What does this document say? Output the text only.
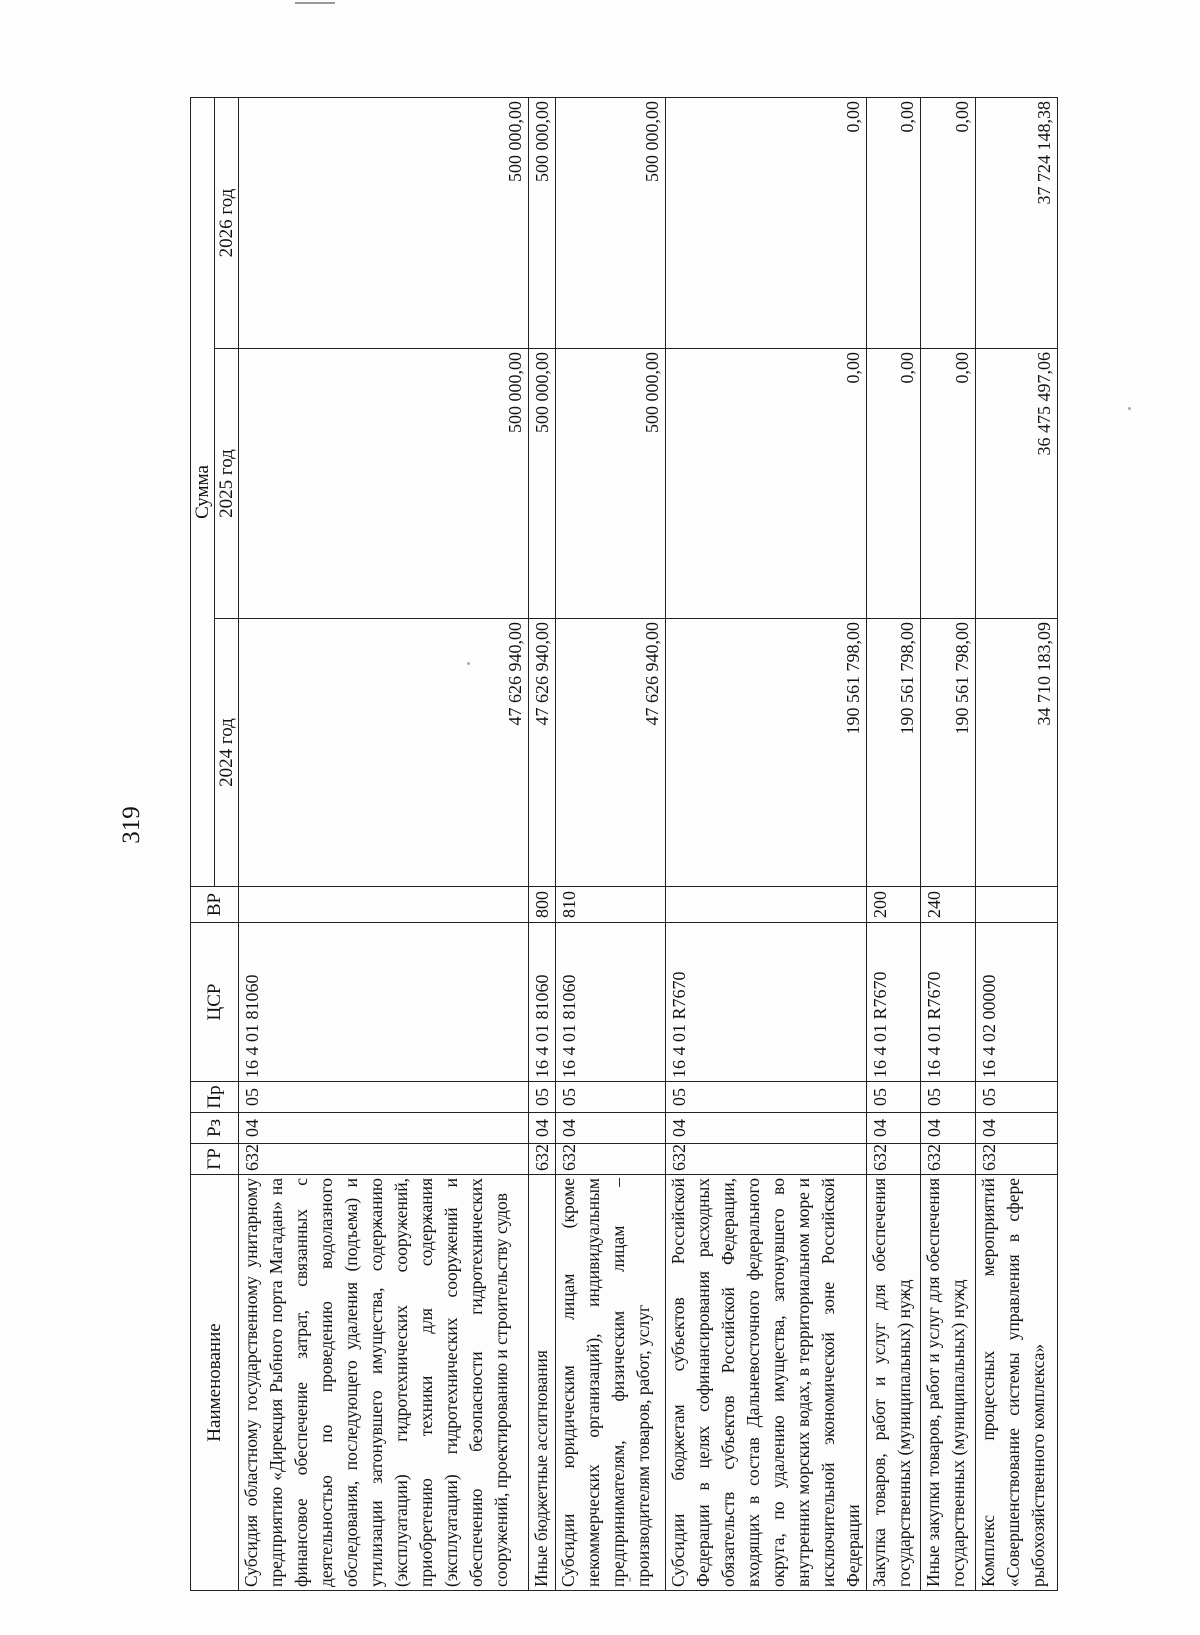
319
Наименование	ГР	Рз	Пр	ЦСР	ВР	Сумма		
						2024 год	2025 год	2026 год
Субсидия областному государственному унитарному предприятию «Дирекция Рыбного порта Магадан» на финансовое обеспечение затрат, связанных с деятельностью по проведению водолазного обследования, последующего удаления (подъема) и утилизации затонувшего имущества, содержанию (эксплуатации) гидротехнических сооружений, приобретению техники для содержания (эксплуатации) гидротехнических сооружений и обеспечению безопасности гидротехнических сооружений, проектированию и строительству судов	632	04	05	16 4 01 81060		47 626 940,00	500 000,00	500 000,00
Иные бюджетные ассигнования	632	04	05	16 4 01 81060	800	47 626 940,00	500 000,00	500 000,00
Субсидии юридическим лицам (кроме некоммерческих организаций), индивидуальным предпринимателям, физическим лицам – производителям товаров, работ, услуг	632	04	05	16 4 01 81060	810	47 626 940,00	500 000,00	500 000,00
Субсидии бюджетам субъектов Российской Федерации в целях софинансирования расходных обязательств субъектов Российской Федерации, входящих в состав Дальневосточного федерального округа, по удалению имущества, затонувшего во внутренних морских водах, в территориальном море и исключительной экономической зоне Российской Федерации	632	04	05	16 4 01 R7670		190 561 798,00	0,00	0,00
Закупка товаров, работ и услуг для обеспечения государственных (муниципальных) нужд	632	04	05	16 4 01 R7670	200	190 561 798,00	0,00	0,00
Иные закупки товаров, работ и услуг для обеспечения государственных (муниципальных) нужд	632	04	05	16 4 01 R7670	240	190 561 798,00	0,00	0,00
Комплекс процессных мероприятий «Совершенствование системы управления в сфере рыбохозяйственного комплекса»	632	04	05	16 4 02 00000		34 710 183,09	36 475 497,06	37 724 148,38
